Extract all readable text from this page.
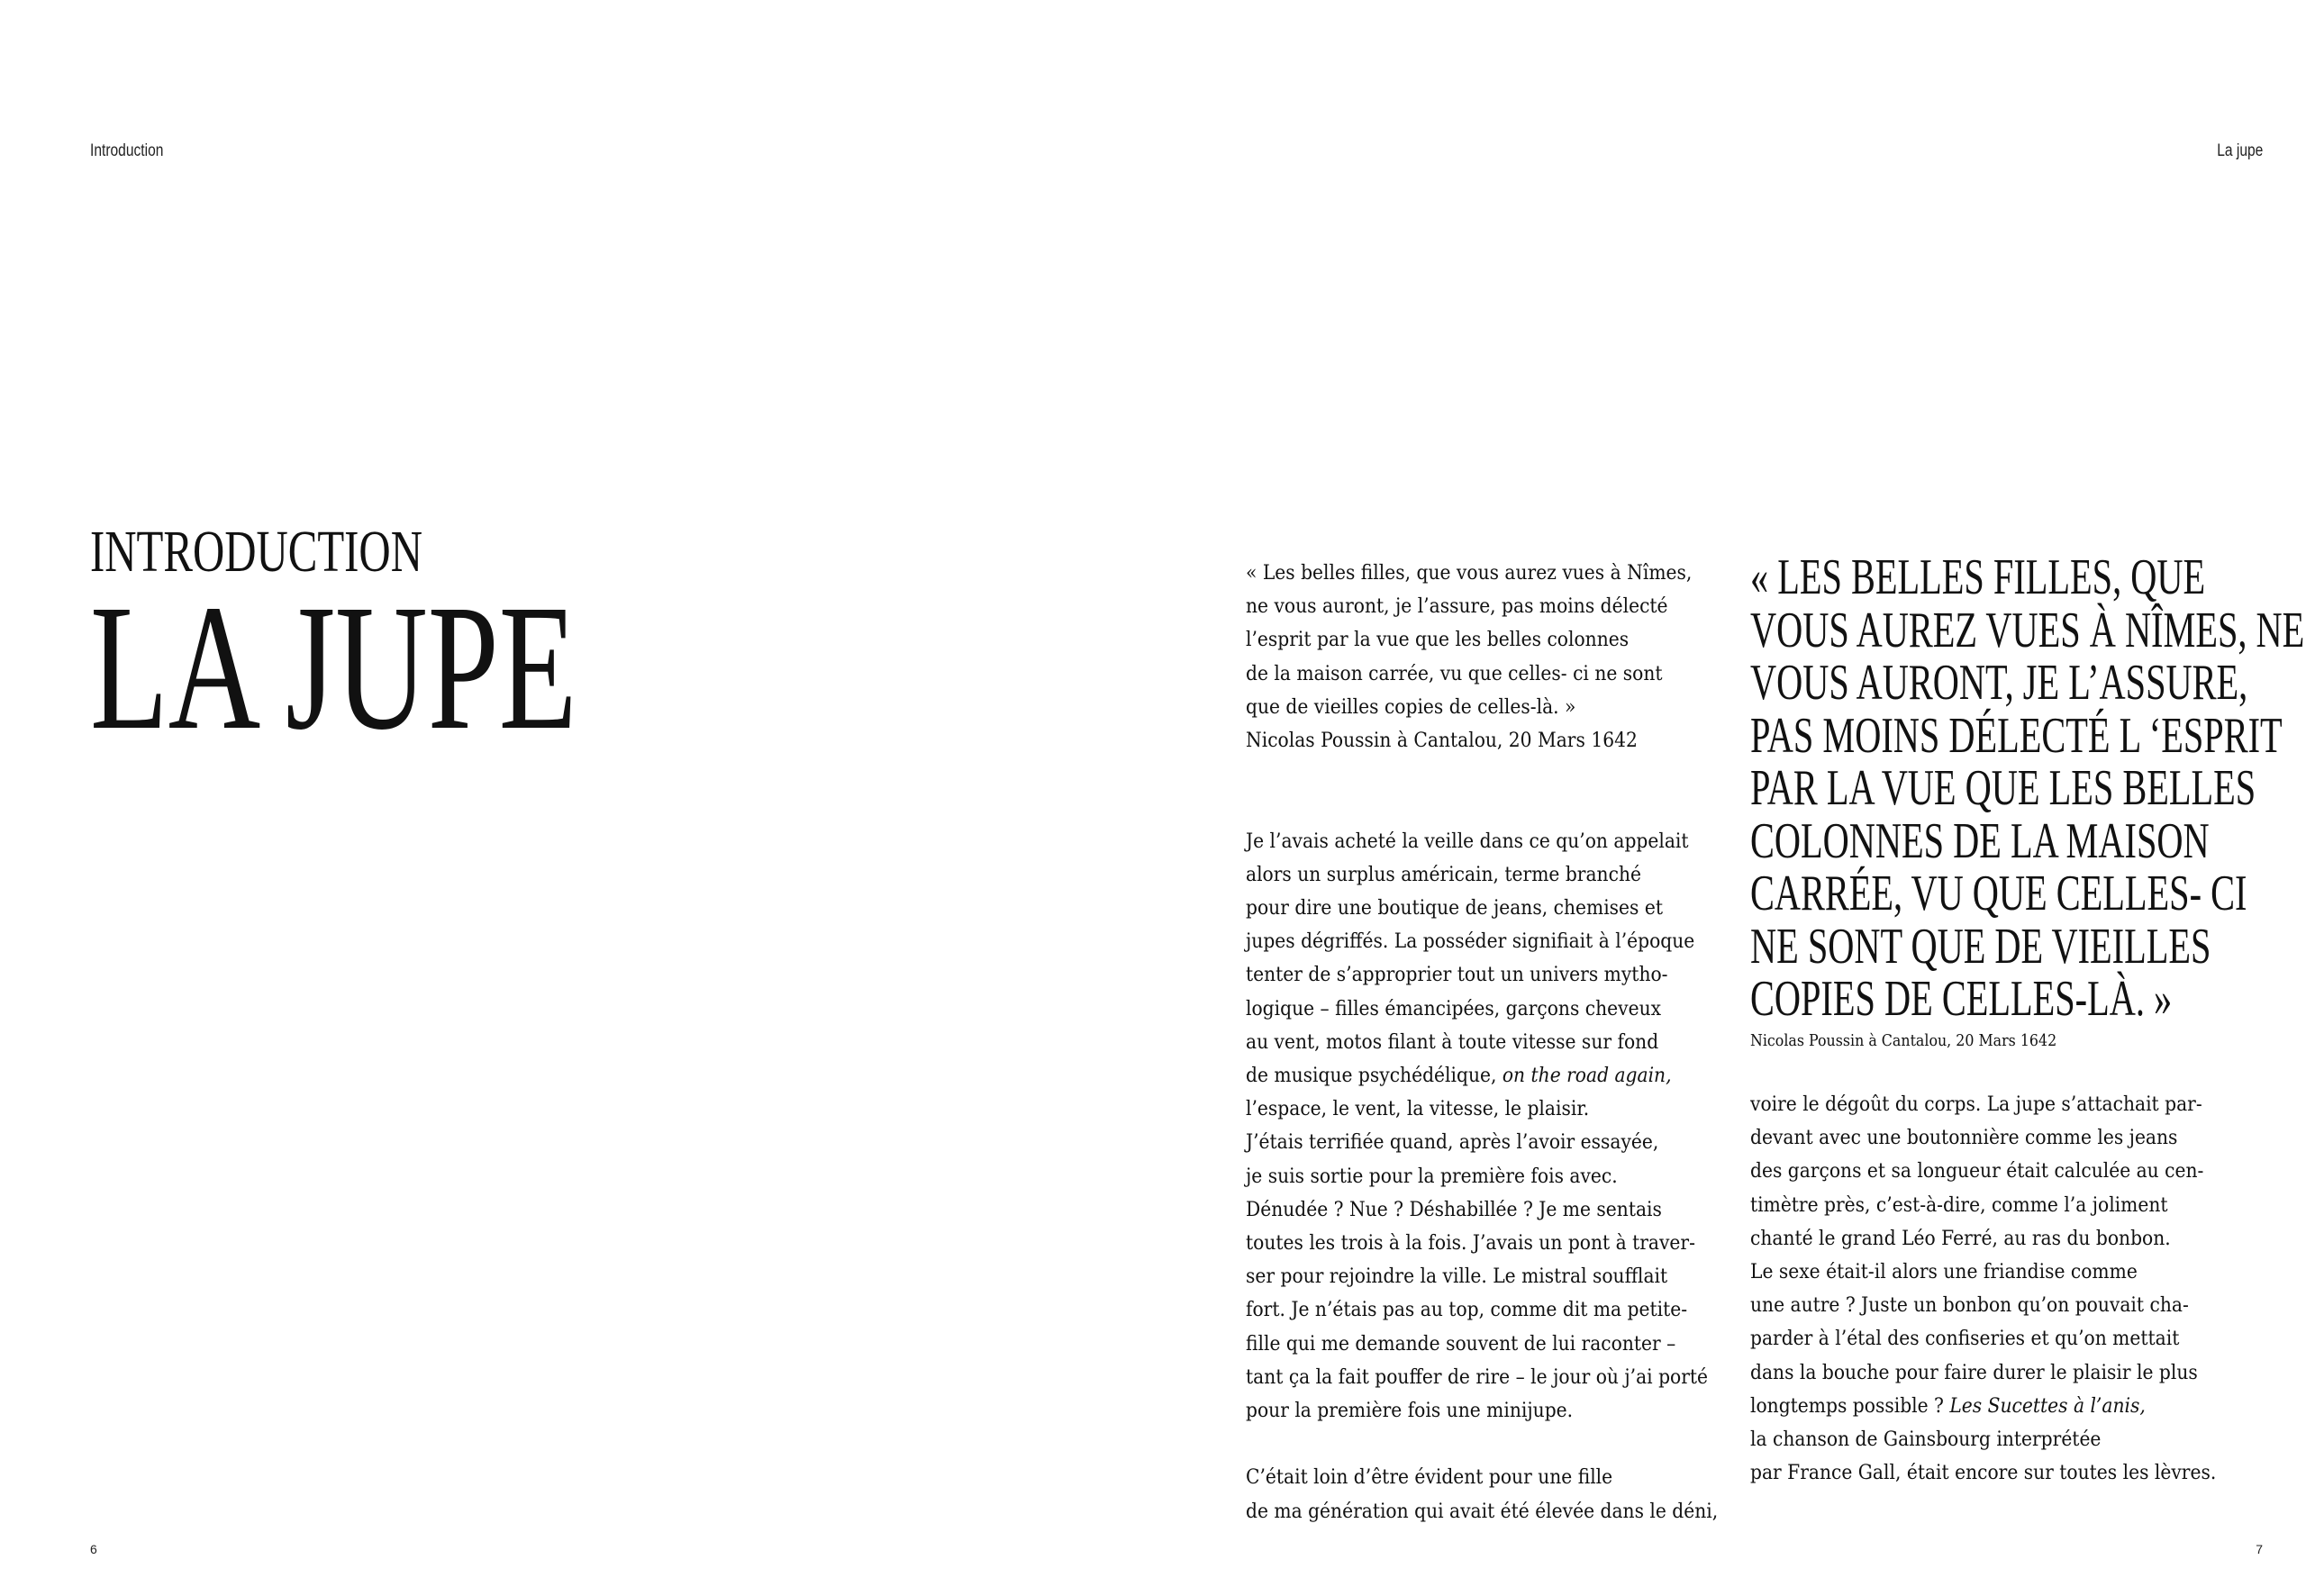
Introduction	La jupe
INTRODUCTION
LA JUPE	« Les belles filles, que vous aurez vues à Nîmes,
ne vous auront, je l’assure, pas moins délecté
l’esprit par la vue que les belles colonnes
de la maison carrée, vu que celles- ci ne sont
que de vieilles copies de celles-là. »
Nicolas Poussin à Cantalou, 20 Mars 1642
Je l’avais acheté la veille dans ce qu’on appelait
alors un surplus américain, terme branché
pour dire une boutique de jeans, chemises et
jupes dégriffés. La posséder signifiait à l’époque
tenter de s’approprier tout un univers mytho-
logique – filles émancipées, garçons cheveux
au vent, motos filant à toute vitesse sur fond
de musique psychédélique, on the road again,
l’espace, le vent, la vitesse, le plaisir.
J’étais terrifiée quand, après l’avoir essayée,
je suis sortie pour la première fois avec.
Dénudée ? Nue ? Déshabillée ? Je me sentais
toutes les trois à la fois. J’avais un pont à traver-
ser pour rejoindre la ville. Le mistral soufflait
fort. Je n’étais pas au top, comme dit ma petite-
fille qui me demande souvent de lui raconter –
tant ça la fait pouffer de rire – le jour où j’ai porté
pour la première fois une minijupe.
C’était loin d’être évident pour une fille
de ma génération qui avait été élevée dans le déni,
« LES BELLES FILLES, QUE
VOUS AUREZ VUES À NÎMES, NE
VOUS AURONT, JE L’ASSURE,
PAS MOINS DÉLECTÉ L ‘ESPRIT
PAR LA VUE QUE LES BELLES
COLONNES DE LA MAISON
CARRÉE, VU QUE CELLES- CI
NE SONT QUE DE VIEILLES
COPIES DE CELLES-LÀ. »
Nicolas Poussin à Cantalou, 20 Mars 1642
voire le dégoût du corps. La jupe s’attachait par-
devant avec une boutonnière comme les jeans
des garçons et sa longueur était calculée au cen-
timètre près, c’est-à-dire, comme l’a joliment
chanté le grand Léo Ferré, au ras du bonbon.
Le sexe était-il alors une friandise comme
une autre ? Juste un bonbon qu’on pouvait cha-
parder à l’étal des confiseries et qu’on mettait
dans la bouche pour faire durer le plaisir le plus
longtemps possible ? Les Sucettes à l’anis,
la chanson de Gainsbourg interprétée
par France Gall, était encore sur toutes les lèvres.
6	7
